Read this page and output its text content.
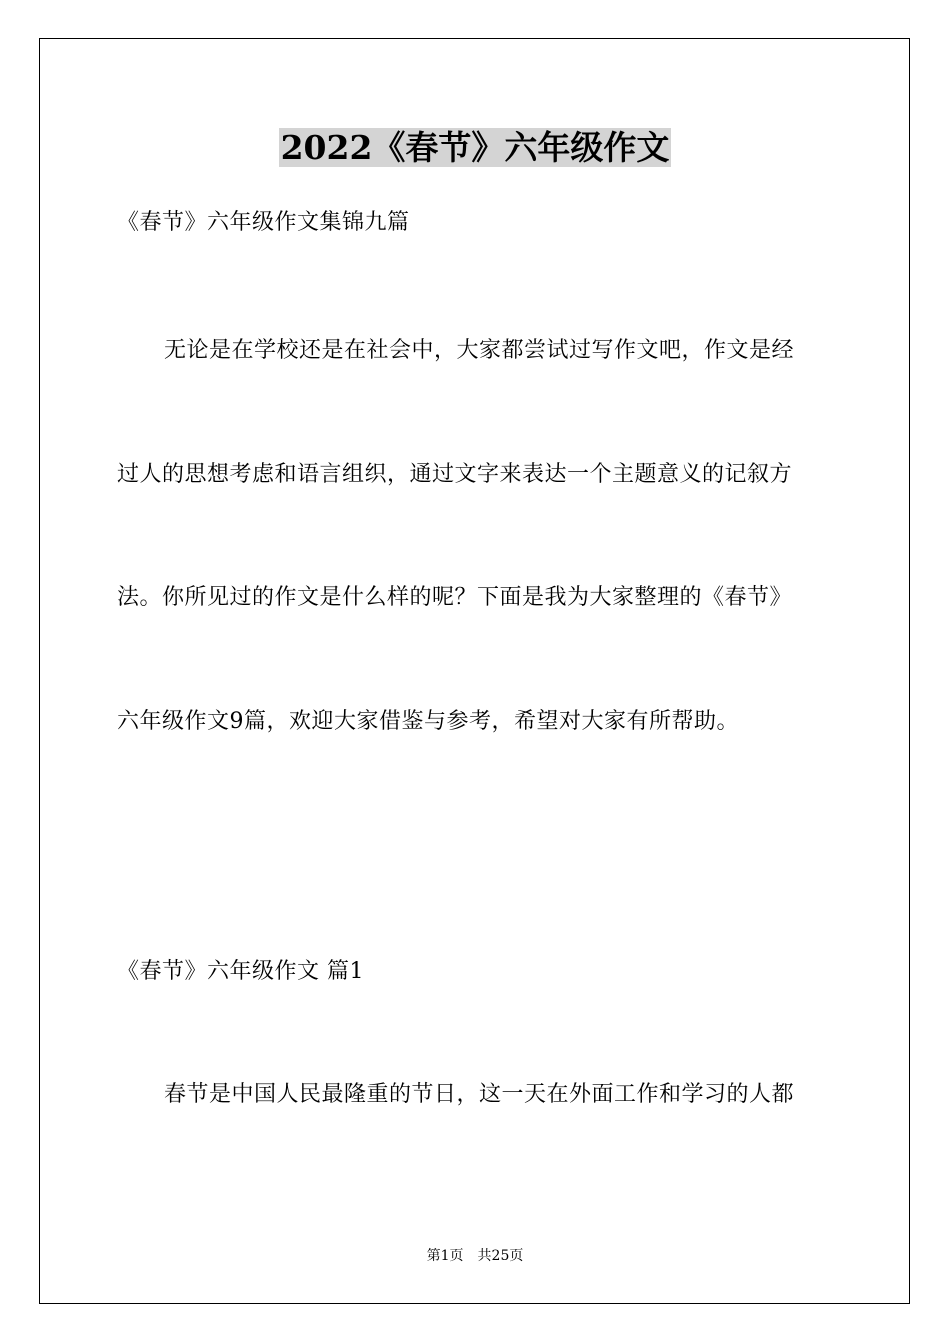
2022《春节》六年级作文
《春节》六年级作文集锦九篇
无论是在学校还是在社会中，大家都尝试过写作文吧，作文是经
过人的思想考虑和语言组织，通过文字来表达一个主题意义的记叙方
法。你所见过的作文是什么样的呢？下面是我为大家整理的《春节》
六年级作文9篇，欢迎大家借鉴与参考，希望对大家有所帮助。
《春节》六年级作文 篇1
春节是中国人民最隆重的节日，这一天在外面工作和学习的人都
第1页 共25页
